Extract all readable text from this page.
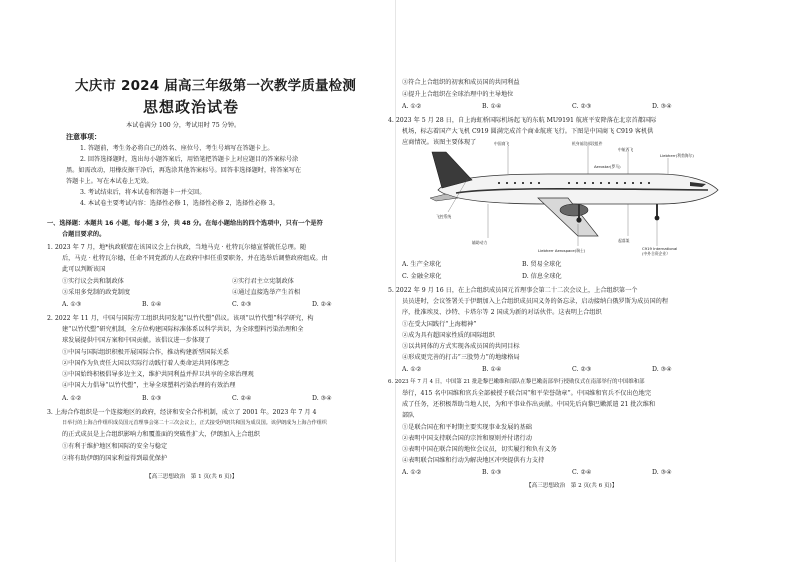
大庆市 2024 届高三年级第一次教学质量检测
思想政治试卷
本试卷满分 100 分，考试用时 75 分钟。
注意事项：
1. 答题前，考生务必将自己的姓名、座位号、考生号填写在答题卡上。
2. 回答选择题时，选出每小题答案后，用铅笔把答题卡上对应题目的答案标号涂
黑。如需改动，用橡皮擦干净后，再选涂其他答案标号。回答非选择题时，将答案写在
答题卡上。写在本试卷上无效。
3. 考试结束后，将本试卷和答题卡一并交回。
4. 本试卷主要考试内容：选择性必修 1，选择性必修 2，选择性必修 3。
一、选择题：本题共 16 小题，每小题 3 分，共 48 分。在每小题给出的四个选项中，只有一个是符
合题目要求的。
1. 2023 年 7 月，地*执政联盟在该国议会上台执政，当地马克 · 杜特瓦尔德宣誓就任总理。随
后，马克 · 杜特瓦尔德，任命不同党派的人在政府中担任重要职务，并在选举后调整政府组成。由
此可以判断该国
①实行议会共和制政体	②实行君主立宪制政体
③采用多党制的政党制度	④通过直接选举产生首相
A. ①③	B. ①④	C. ②③	D. ②④
2. 2022 年 11 月，中国与国际劳工组织共同发起“以竹代塑”倡议。该项“以竹代塑”科学研究，构
建“以竹代塑”研究机制，全方位构建国际标准体系以科学共识，为全球塑料污染治理和全
球发展提供中国方案和中国贡献。该倡议进一步体现了
①中国与国际组织积极开展国际合作，推动构建新型国际关系
②中国作为负责任大国以实际行动践行着人类命运共同体理念
③中国始终积极倡导多边主义，维护共同利益并捍卫共享的全球治理观
④中国大力倡导“以竹代塑”，主导全球塑料污染治理的有效治理
A. ①②	B. ①③	C. ②④	D. ③④
3. 上海合作组织是一个连接地区的政府，经济和安全合作机制，成立了 2001 年。2023 年 7 月 4
日举行的上海合作组织成员国元首理事会第二十三次会议上，正式接受伊朗共和国为成员国。该伊朗成为上海合作组织
的正式成员是上合组织影响力和覆盖面的突破性扩大，伊朗加入上合组织
①有利于维护地区和国际的安全与稳定
②将有助伊朗的国家利益得到最优保护
【高三思想政治　第 1 页(共 6 页)】
③符合上合组织的初衷和成员国的共同利益
④提升上合组织在全球治理中的主导地位
A. ①②	B. ①④	C. ②③	D. ③④
4. 2023 年 5 月 28 日，自上海虹桥国际机场起飞的东航 MU9191 航班平安降落在北京首都国际
机场，标志着国产大飞机 C919 圆满完成首个商业航班飞行。下图是中国商飞 C919 客机供
应商情况。该图主要体现了	中国商飞	机身前段部段组件
中航西飞
Liebherr(利勃海尔)
Aerostar(罗马)
飞控系统
辅助动力	起落架
C919 International
(中外合资企业）
Liebherr Aerospace(瑞士)
A. 生产全球化	B. 贸易全球化
C. 金融全球化	D. 信息全球化
5. 2022 年 9 月 16 日，在上合组织成员国元首理事会第二十二次会议上，上合组织第一个
员员进时，会议签署关于伊朗加入上合组织成员国义务的备忘录，启动接纳白俄罗斯为成员国的程
序，批准埃及、沙特、卡塔尔等 2 国成为新的对话伙伴。这表明上合组织
①在受大国践行“上海精神”
②成为具有超国家性质的国际组织
③以共同体的方式实现各成员国的共同目标
④形成更完善的打击“三股势力”的地缘格局
A. ①②	B. ①④	C. ②③	D. ③④
6. 2023 年 7 月 4 日，中国第 21 批赴黎巴嫩维和部队在黎巴嫩南部举行授勋仪式在南部举行的中国维和部
举行，415 名中国维和官兵全部被授予联合国“和平荣誉勋章”。中国维和官兵不仅出色地完
成了任务，还积极帮助当地人民，为和平事业作出贡献。中国先后向黎巴嫩派遣 21 批次维和
部队
①是联合国在和平时期主要实现事业发展的基础
②表明中国支持联合国的宗旨和原则并付诸行动
③表明中国在联合国的地位会议员，切实履行和负有义务
④表明联合国维和行动为解决地区冲突提供有力支持
A. ①②	B. ①③	C. ②④	D. ③④
【高三思想政治　第 2 页(共 6 页)】
